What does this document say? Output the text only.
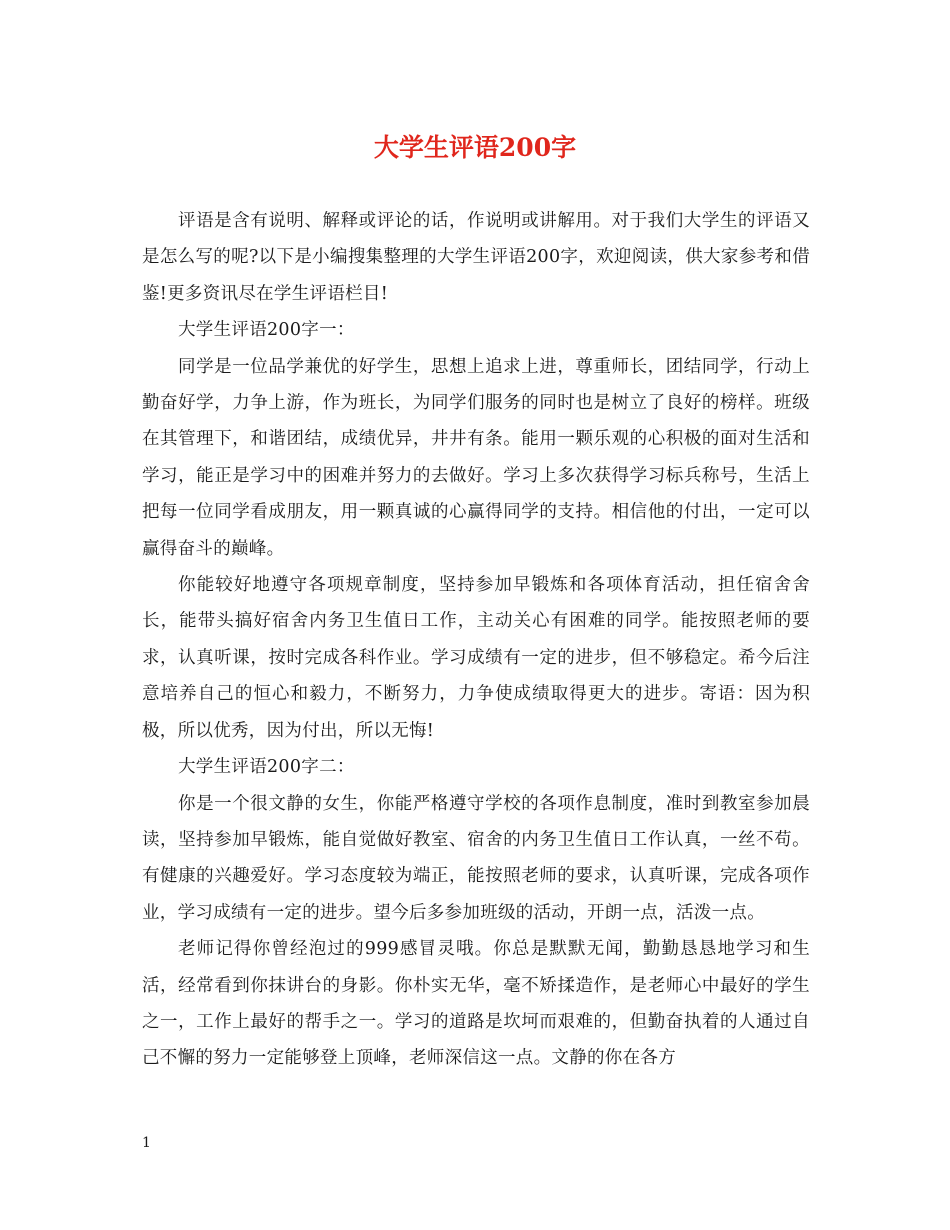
大学生评语200字

评语是含有说明、解释或评论的话，作说明或讲解用。对于我们大学生的评语又是怎么写的呢?以下是小编搜集整理的大学生评语200字，欢迎阅读，供大家参考和借鉴!更多资讯尽在学生评语栏目!

大学生评语200字一：

同学是一位品学兼优的好学生，思想上追求上进，尊重师长，团结同学，行动上勤奋好学，力争上游，作为班长，为同学们服务的同时也是树立了良好的榜样。班级在其管理下，和谐团结，成绩优异，井井有条。能用一颗乐观的心积极的面对生活和学习，能正是学习中的困难并努力的去做好。学习上多次获得学习标兵称号，生活上把每一位同学看成朋友，用一颗真诚的心赢得同学的支持。相信他的付出，一定可以赢得奋斗的巅峰。

你能较好地遵守各项规章制度，坚持参加早锻炼和各项体育活动，担任宿舍舍长，能带头搞好宿舍内务卫生值日工作，主动关心有困难的同学。能按照老师的要求，认真听课，按时完成各科作业。学习成绩有一定的进步，但不够稳定。希今后注意培养自己的恒心和毅力，不断努力，力争使成绩取得更大的进步。寄语：因为积极，所以优秀，因为付出，所以无悔!

大学生评语200字二：

你是一个很文静的女生，你能严格遵守学校的各项作息制度，准时到教室参加晨读，坚持参加早锻炼，能自觉做好教室、宿舍的内务卫生值日工作认真，一丝不苟。有健康的兴趣爱好。学习态度较为端正，能按照老师的要求，认真听课，完成各项作业，学习成绩有一定的进步。望今后多参加班级的活动，开朗一点，活泼一点。

老师记得你曾经泡过的999感冒灵哦。你总是默默无闻，勤勤恳恳地学习和生活，经常看到你抹讲台的身影。你朴实无华，毫不矫揉造作，是老师心中最好的学生之一，工作上最好的帮手之一。学习的道路是坎坷而艰难的，但勤奋执着的人通过自己不懈的努力一定能够登上顶峰，老师深信这一点。文静的你在各方

1
